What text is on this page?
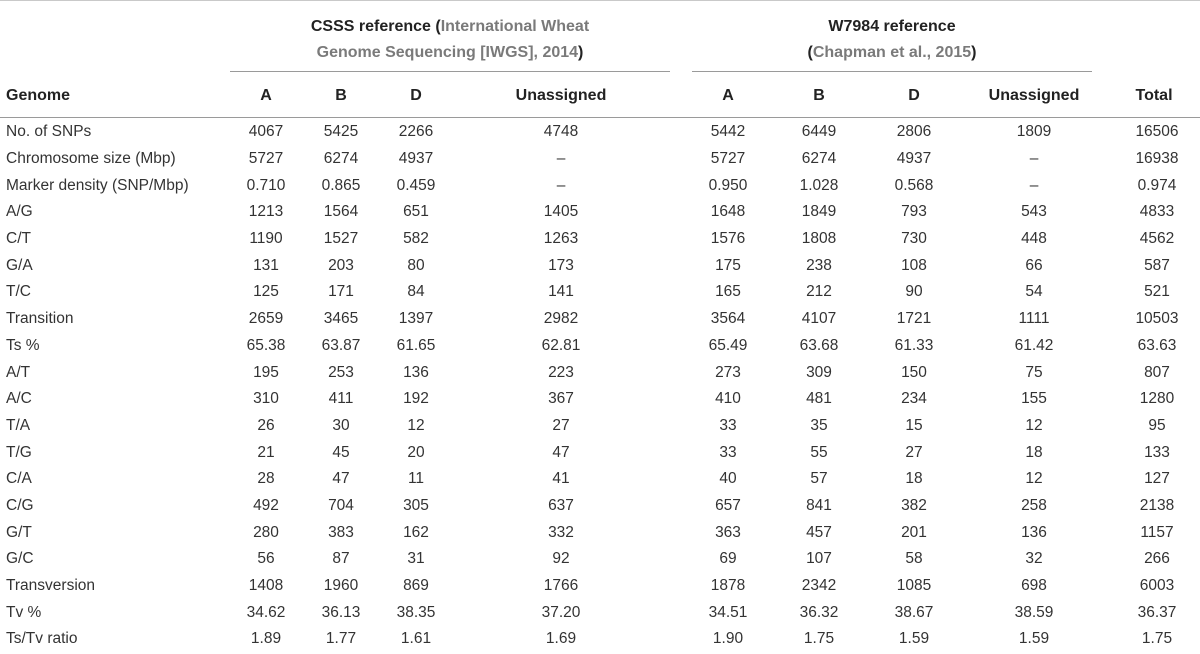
CSSS reference (International Wheat
Genome Sequencing [IWGS], 2014)
W7984 reference
(Chapman et al., 2015)
Genome	A	B	D	Unassigned	A	B	D	Unassigned	Total
No. of SNPs	4067	5425	2266	4748		5442	6449	2806	1809	16506
Chromosome size (Mbp)	5727	6274	4937	–		5727	6274	4937	–	16938
Marker density (SNP/Mbp)	0.710	0.865	0.459	–		0.950	1.028	0.568	–	0.974
A/G	1213	1564	651	1405		1648	1849	793	543	4833
C/T	1190	1527	582	1263		1576	1808	730	448	4562
G/A	131	203	80	173		175	238	108	66	587
T/C	125	171	84	141		165	212	90	54	521
Transition	2659	3465	1397	2982		3564	4107	1721	1111	10503
Ts %	65.38	63.87	61.65	62.81		65.49	63.68	61.33	61.42	63.63
A/T	195	253	136	223		273	309	150	75	807
A/C	310	411	192	367		410	481	234	155	1280
T/A	26	30	12	27		33	35	15	12	95
T/G	21	45	20	47		33	55	27	18	133
C/A	28	47	11	41		40	57	18	12	127
C/G	492	704	305	637		657	841	382	258	2138
G/T	280	383	162	332		363	457	201	136	1157
G/C	56	87	31	92		69	107	58	32	266
Transversion	1408	1960	869	1766		1878	2342	1085	698	6003
Tv %	34.62	36.13	38.35	37.20		34.51	36.32	38.67	38.59	36.37
Ts/Tv ratio	1.89	1.77	1.61	1.69		1.90	1.75	1.59	1.59	1.75
